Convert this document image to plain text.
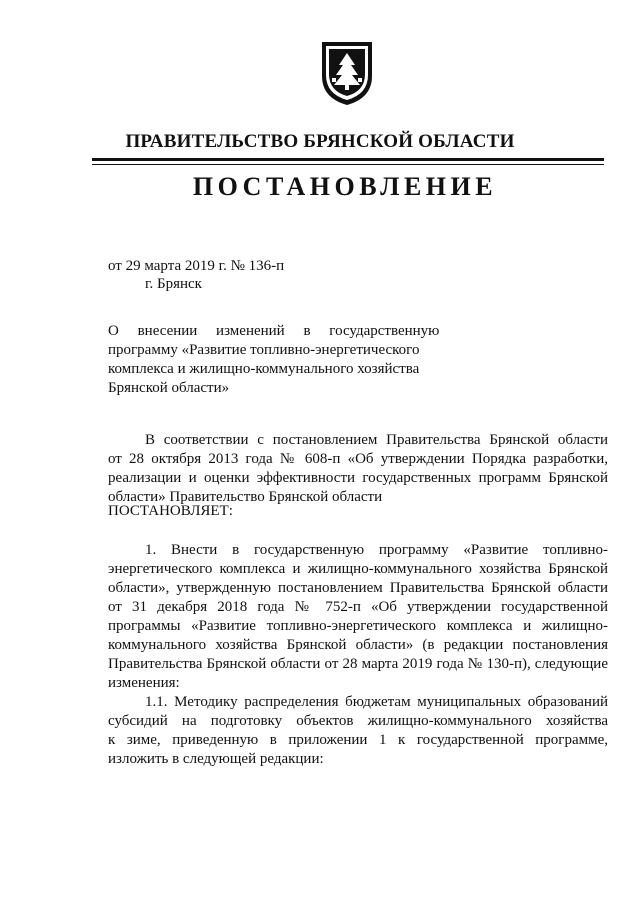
ПРАВИТЕЛЬСТВО БРЯНСКОЙ ОБЛАСТИ
ПОСТАНОВЛЕНИЕ
от 29 марта 2019 г. № 136-п
г. Брянск
О     внесении     изменений     в     государственную
программу «Развитие топливно-энергетического
комплекса и жилищно-коммунального хозяйства
Брянской области»
В соответствии с постановлением Правительства Брянской области
от 28 октября 2013 года № 608-п «Об утверждении Порядка разработки,
реализации и оценки эффективности государственных программ Брянской
области» Правительство Брянской области
ПОСТАНОВЛЯЕТ:
1. Внести в государственную программу «Развитие топливно-
энергетического комплекса и жилищно-коммунального хозяйства Брянской
области», утвержденную постановлением Правительства Брянской области
от 31 декабря 2018 года № 752-п «Об утверждении государственной
программы «Развитие топливно-энергетического комплекса и жилищно-
коммунального хозяйства Брянской области» (в редакции постановления
Правительства Брянской области от 28 марта 2019 года № 130-п), следующие
изменения:
1.1. Методику распределения бюджетам муниципальных образований
субсидий на подготовку объектов жилищно-коммунального хозяйства
к зиме, приведенную в приложении 1 к государственной программе,
изложить в следующей редакции:
